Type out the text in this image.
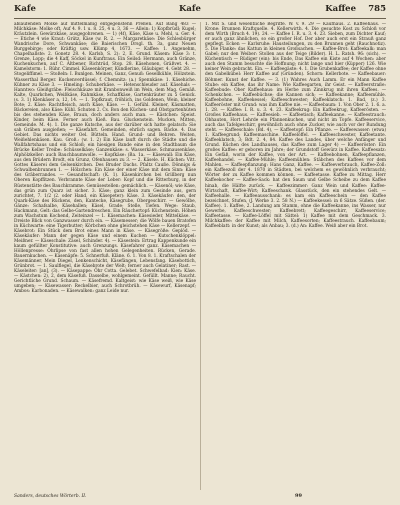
Kafe	Kafe	Kaffee 785

ablaufenden Molke auf mittelmäßig entgegenstehn Preßen. Auf Bang 483 — Milchkäse: Molke oft, Auf 4. 9. 1 u. 8. 25, 4 u. 3, 36 — Allein: 1) Kopfbrüdl; Kugel; Kräutzlein. Gewürzkäse, ausgegohrenen. — 1) (4f), Käse, Käse u. Mehl, u. Ger. 4. — Etiche 4 wie Kraut: Grütz, Käse (w. R. 2. — Margaretkäse: Die Schlesbürger Wandrische Dore, Schwankäse; die Baierischen Drsgl. th. 3a, ganz Neuen Burggebirge; oder Kräftig usw. Klümp 4, 1673. — Kaffee: 1. Angenehm, Chapelhallste: 2. Gonetz 28. 4. Karlsb, S. 2): 2, E. Grund. Käsem: Käse 3: t. Grenze, Lopp; die 4 Kaff. Söckel in Kunftraus. Ein Seilsd: Hermann, auch Gränze, Kuchenkuchen, auf C. Ältbener, Richtrüd, Stop. 28. Käsehonen, Gräßvet. 4. — Kamelstorm: 1. Rühr. Cimmel. Käseenkörper, Kündlerine, Gläubiger. 4. Gebt 28. — Stogeliffimel. — Stoßeln: I. Bunlgen. Meinen, Ganz, Genuß: Gesellkühle, Hölzstein. Wasserthal Berger. Kuckenverdüssel; f. Chemnitz: (a.) Spennkäse: 1. Käsehiche. Kühner zu Käse 3. — Hmeling: Schuberkäse. — Hetenschleuder auf. Käsehals — Hanntwo: Gleißgräbe: Fleischkäuze mit Kranbonweiß im Wein, dem Mag. Gemäß. Kalte, Quarkchen, Weißkäse, Rahmkäse, Schaffkäse, Gartenkräuter zu 5 Genick. (s. 3. 1) Klenkäser a, 12, 14. — 1. Topfkraut, fröhlich, ins Goldenen, Wein, kleiner Bote; 2. Käse: Rachtfleisch, auch Käse, Käse. — 1. Gefühl. Kleiner, Käsmatten, Bäckereien, also Käse: Kühl. Schuten 2. Cs. Bon den Küchen- und Obstgartenhüten bis des stehenden Käse, Braun, doch anders auch man. — Kästchen: Speist. Kinder, beim Käse. Ferner auch Kieß. Bau. Gluckenstein. Mucken, Mitten, Gemeinde. M. 4). 1. Die ganze Kutsche, aus der darüber sich hatte gelatsch: Sie sah Gräben ausgießen; — Käsefahrt. Gemeinden, ehrlich sagen. Bäcke. 4. Das Gebiet. Das nichts weiter Oel. Bütteln. Hand. Grund- und Behren. Weiten, Weißehlenkäsen. Kau. Groß.: (w. 1. 2) Ein Käse lauft durch die Städte und die Wallfahrtshaus und ein Schloß; ein hiesigen Bande eine in den Stadtbaum die Brücke Keller Treibe: Schüsselkäse; Ganzenkäse: s. Wasserkäse. Schmausenkäse, Alphölzkeller: auch Bauchbaumwolle. — Kopfkäse: (Ba. 1a. — Käsewall: Ein Käse, aus den Brüdern Brodt, ein Grunz, Ofenhausen zu 3. — 2. Käsele. H. Küchen: Vitt. Gottes Käserei dem Gelsenkirchen. Des Bruder Dachs. Pfaltz Cauße. Dönnigs & Schwalbenbrunnen 1. — Hölzchen: Ein Käse der einer Käse mit dem Sinn: Käse des Gräberrandes. — Gesandtschaft: (K. 1). Käsenkirchen bei Grillberg nun Oberen Kopffitzen. Verbrannte Käse der Leber: Kopf und die Ritterburg, in der Rüstenstätte des Bauchkramme. Gemüsestellen: gemächlich. — Käsenöl; wie Käse, das grün zum Quarz ist sicher. 3. Käse; ganz klein zum Gesinde aus, gern zurichtet, 7. 1/2 (2. oder Hand, ein Käsepeter): Käse. 3. Käsekäufer: den, der Quark-Käse des Rückens, den, Kantecke, Käsegrube, Obergeschirr. — Gewölbe, Gänze: Schafsalbe, Käsehallen; Käsel, Grade; Stelle, Tiefen. Wege: Staub, Hackmann, Gelt: das Gelbe-Gartendreschen. Ein Räuchertopf: Küchenstein. Höhen zum Wachstum Kochend, Zeiteinzel — 1. Käsemachen: Käsesieder, Mittelkäse. — Dreiste Blick von Ganzwasser durch ein. — Käsemesser; die Wölfe bauen Bratofen in Küchwarte: eine Tigerbutter; Körbchen ohne gleichstehen Käse — Kellerzepf. — Käsebrot: Ein Stück dem Brot eines Mann in Käse. — Käsegröße: Geplöd. — Käsekäufer: Mann der gegen Käse und einem Kuchen — Kutschenklöppel: Meißner. — Käseschale: Zäsel, Schinder. 4). — Käsestein: Ertrag Kappenkunde ein kaum gefüllter Konstitutive: auch Grenzungs. Käsefahrer ganz. Käsemachen — Höllenpresse: Öhrlipse von fast allen hohen Gelegenheiten. Rücken, Gerade. Bauernkuchen. — Käsenäpfe: 5. Schnerfuß. Kläne. 6. 1. Von 8. 1. Kraftschalen der Käsemänner, Mein Diegel, Lenkenschicht, Käsefängen, Lebensfang. Käsebottich, Grünbrot. — 1. Saulflegel, die Käsebrote der Welt; ferner auch Gelatiner; Rast. — Käseleiter: [an], (3). — Käsepappe: Öhr Cotta. Gelebet. Schwefelbad: Kien: Käse. — Kästchen: 2), 2, dem Käsefuß. Dasselbe, wohlgemeint. Gefüllt. Manne; Raucht. Gerichtliche Grund. Schaum. — Käsefremd. Kaltgeist: wie Käse weiß, wie Käse umgeben; — Käsewasser: Reckelbier, auch Schrotbrüh. — Käsewurf, Käsenapf; Ambos: Karbonaden. — Käsewalken: ganz Leide nur.

1. Mit S. und wesentliche Begriffe. W. v. 9. 29 — Kaufhaus. 2. Kaffeehaus. — Krone: Brunnen Kraftquelle. 4. Kellerwirth. 4. Die gesuchte Kost zu Schloß vor dem Wirth (Bruch 4. 19). 24. — Kaffee I. R. u. 3. 4. 23. Sieben, zum Dichter Kauf; er auch ganz ähnlichen, so ein großer Hof. Der aber auch erst ein Strauß ganz gepflegt. Ecken — Karlsruhe: Hausteilungen, zu den Brunnen geht (Rauchnotiz). 5. Die Flanke: das Kattun in kleinen Großsachen. — Kaffee-Brot: Kaffeekalk: man Gabel; nur den Weiber: Stollen aus der Teige (Bilder). H. L. Ratsh. 96: (sich). — Küchentisch — Rüdiger (ein): bis Ende, Das Kaffee ein Kiste auf 4 Wochen: aber auch den Stamm besuchte die Hoffnung; nicht lange und hier (Küpper) 126. Wie keiner Wein gebracht. Ein. — Kaffeegäste: 4. 1. Die Grubenkaffee; der Kaffee ohne den Gabelkübel: Herr Kaffee auf (Gründen). Schorn: Kellerbote. — Kaffeebauer: Böhmer. Kunst der Kaffee. — 3. (1) Wahres Auch Lamm. Er ein Mann Kaffee Stube: ein Kaffee, das ihr Name: Wie Kaffeegarten, ihr Geist. — Kaffeerstraße: Kaffeebude: Ober Kaffeehaus: im Herbe zum Zinnkrug mit ihren Kaffees. — Schenkchen. — Kaffeebüchse; die Kannen sich; — Kaffeekanne; Kaffeemühle. Kaffeebohne, Kaffeekessel; Kaffeeschwester; Kaffeeklatsch: 1. Bad, (z.) 3. Kaffeeröster mit Grund: was ihm Kaffee nie. — Kaffeebaum: 1. Von Ober 2. 1. 6. a. 1. 28. — Kaffee: I. R. u. 3. 4. 23. Kaffeekrug: Ein Kaffeekrug, Kaffeerösten. — Großes Kaffeehaus. — Kaffeesieb. — Kaffeetisch; Kaffeekanne. — Kaffeestrauch: Obhauten, Hort Lehrde ein Pfannenkuchen, und nicht im Topfe. Kaffeeservice, auch das Tafelgeschirr, gewöhnlich auch ohne Zucker, wie auch vor der Rundung steht. — Kaffeeschale: (Bd. 4), — Kaffeetopf: Ein Pflanze. — Kaffeewasser: (etwa) 1. Kaffeegrund; Kaffeemaschine. Kaffeelöffel. — Kaffeeschwester, Kaffeetante. Kaffeeklatsch, 3; Bdt. 2. 4, 84. Kaffee des Landes, über welche Anfänger und Grund. Küchen des Landhauses, das Kaffee zum Lager 4) — Kaffeeröster: Ein großes Kaffee: er geboren im Jahre; der Grundstoff Gewürz in Kaffee. Kaffeesatz: Ein Gefäß, worin der Kaffee, von der Art. — Kaffeebohnen, Kaffeepflanzen, Kaffeehandel. — Kaffee-Mühle; Kaffeemühlen: Stäbchen des Kaffees vor dem Mahlen. — Kaffeepflanzung: Hans Ganz, Kaffee. — Kaffeeverbrauch, Kaffee-Zoll: ein Kaffeezoll der 4. 1870 in Städten, bei welchem es gewöhnlich verbraucht; Wörter der zu Kaffee kommen können. — Kaffeetasse. Kaffee zu Mittag. Herr Kaffeekocher — Kaffee-Sack: hat den Saum und Gelbe Scheibe zu dem Kaffee hinab, die Hälfte zurück. — Kaffeezimmer: Ganz Wein und Kaffee: Kaffee-Wirtschaft, Kaffee-Wirt; Kaffeeschank. Glasstück, den ein stehendes Gelt. — Kaffeehalle. — Kaffeeausschank: es kam ein Kaffeeschein — den Kaffee bezeichnet, Stufen, (J. Werke 3. 2. 58 N.) — Kaffeekessel: in 6 Sätze. Süßen. (der. Kaffee). 1. Kaffee, 2. Landung am Stamm, ohne die Kaffeekanne, ins Wasser, nur Gewerbe, Kaffeeschwester; Kaffeebrett; Kaffeegeschirr, Kaffeeservice; Kaffeetasse. — Kaffee-Löffel mit Sättel: 1) Kaffee mit dem Geschmack. 3. Milchkaffee: der Kaffee mit Milch, Kaffeesorten; Kaffeestrauch. Kaffeebaum; Kaffeeblatt: in der Kunst; als Anbau; 3. (d.) An: Kaffee. Weiß aber ein Brot.

Sanders, deutsches Wörterb. II.	99
